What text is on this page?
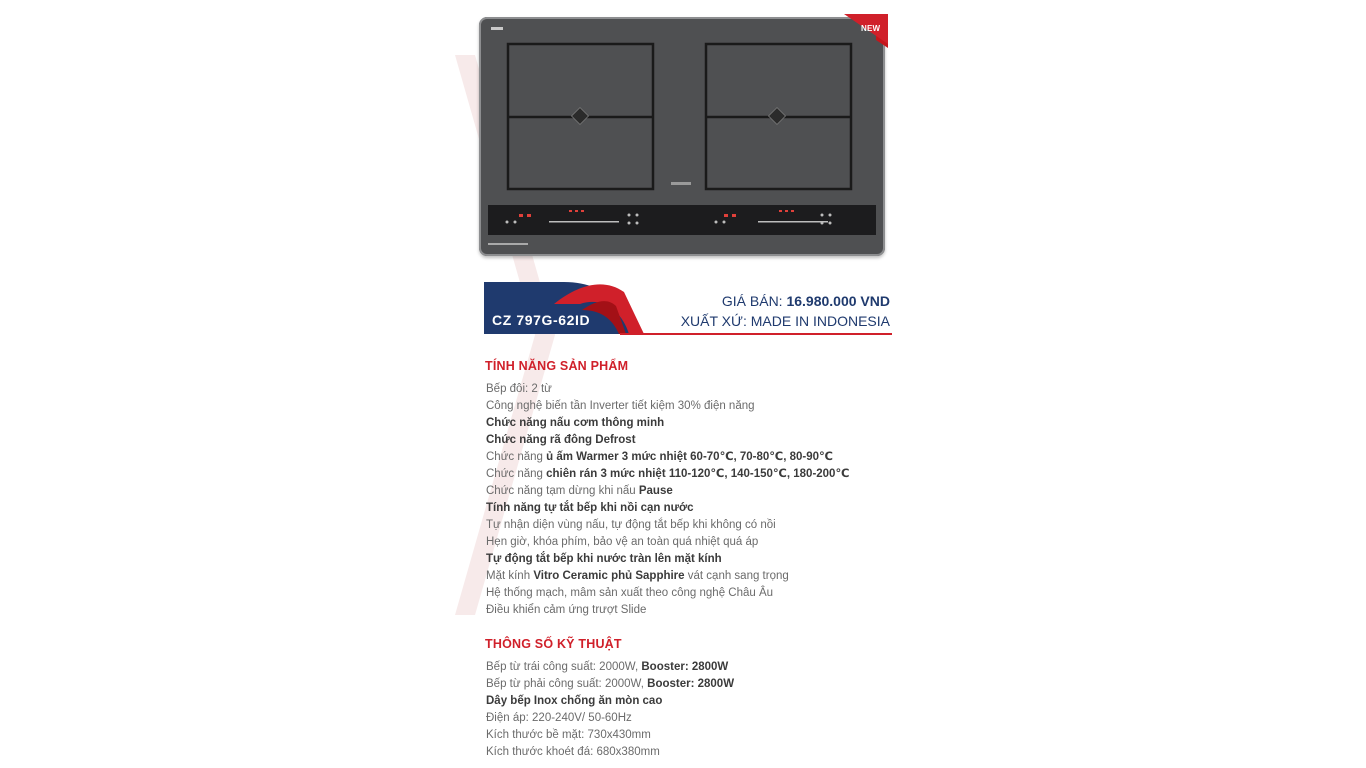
NEW
CZ 797G-62ID
GIÁ BÁN: 16.980.000 VND
XUẤT XỨ: MADE IN INDONESIA
TÍNH NĂNG SẢN PHẨM
Bếp đôi: 2 từ
Công nghệ biến tần Inverter tiết kiệm 30% điện năng
Chức năng nấu cơm thông minh
Chức năng rã đông Defrost
Chức năng ủ ấm Warmer 3 mức nhiệt 60-70℃, 70-80℃, 80-90℃
Chức năng chiên rán 3 mức nhiệt 110-120℃, 140-150℃, 180-200℃
Chức năng tạm dừng khi nấu Pause
Tính năng tự tắt bếp khi nồi cạn nước
Tự nhận diện vùng nấu, tự động tắt bếp khi không có nồi
Hẹn giờ, khóa phím, bảo vệ an toàn quá nhiệt quá áp
Tự động tắt bếp khi nước tràn lên mặt kính
Mặt kính Vitro Ceramic phủ Sapphire vát cạnh sang trọng
Hệ thống mạch, mâm sản xuất theo công nghệ Châu Âu
Điều khiển cảm ứng trượt Slide
THÔNG SỐ KỸ THUẬT
Bếp từ trái công suất: 2000W, Booster: 2800W
Bếp từ phải công suất: 2000W, Booster: 2800W
Dây bếp Inox chống ăn mòn cao
Điện áp: 220-240V/ 50-60Hz
Kích thước bề mặt: 730x430mm
Kích thước khoét đá: 680x380mm
